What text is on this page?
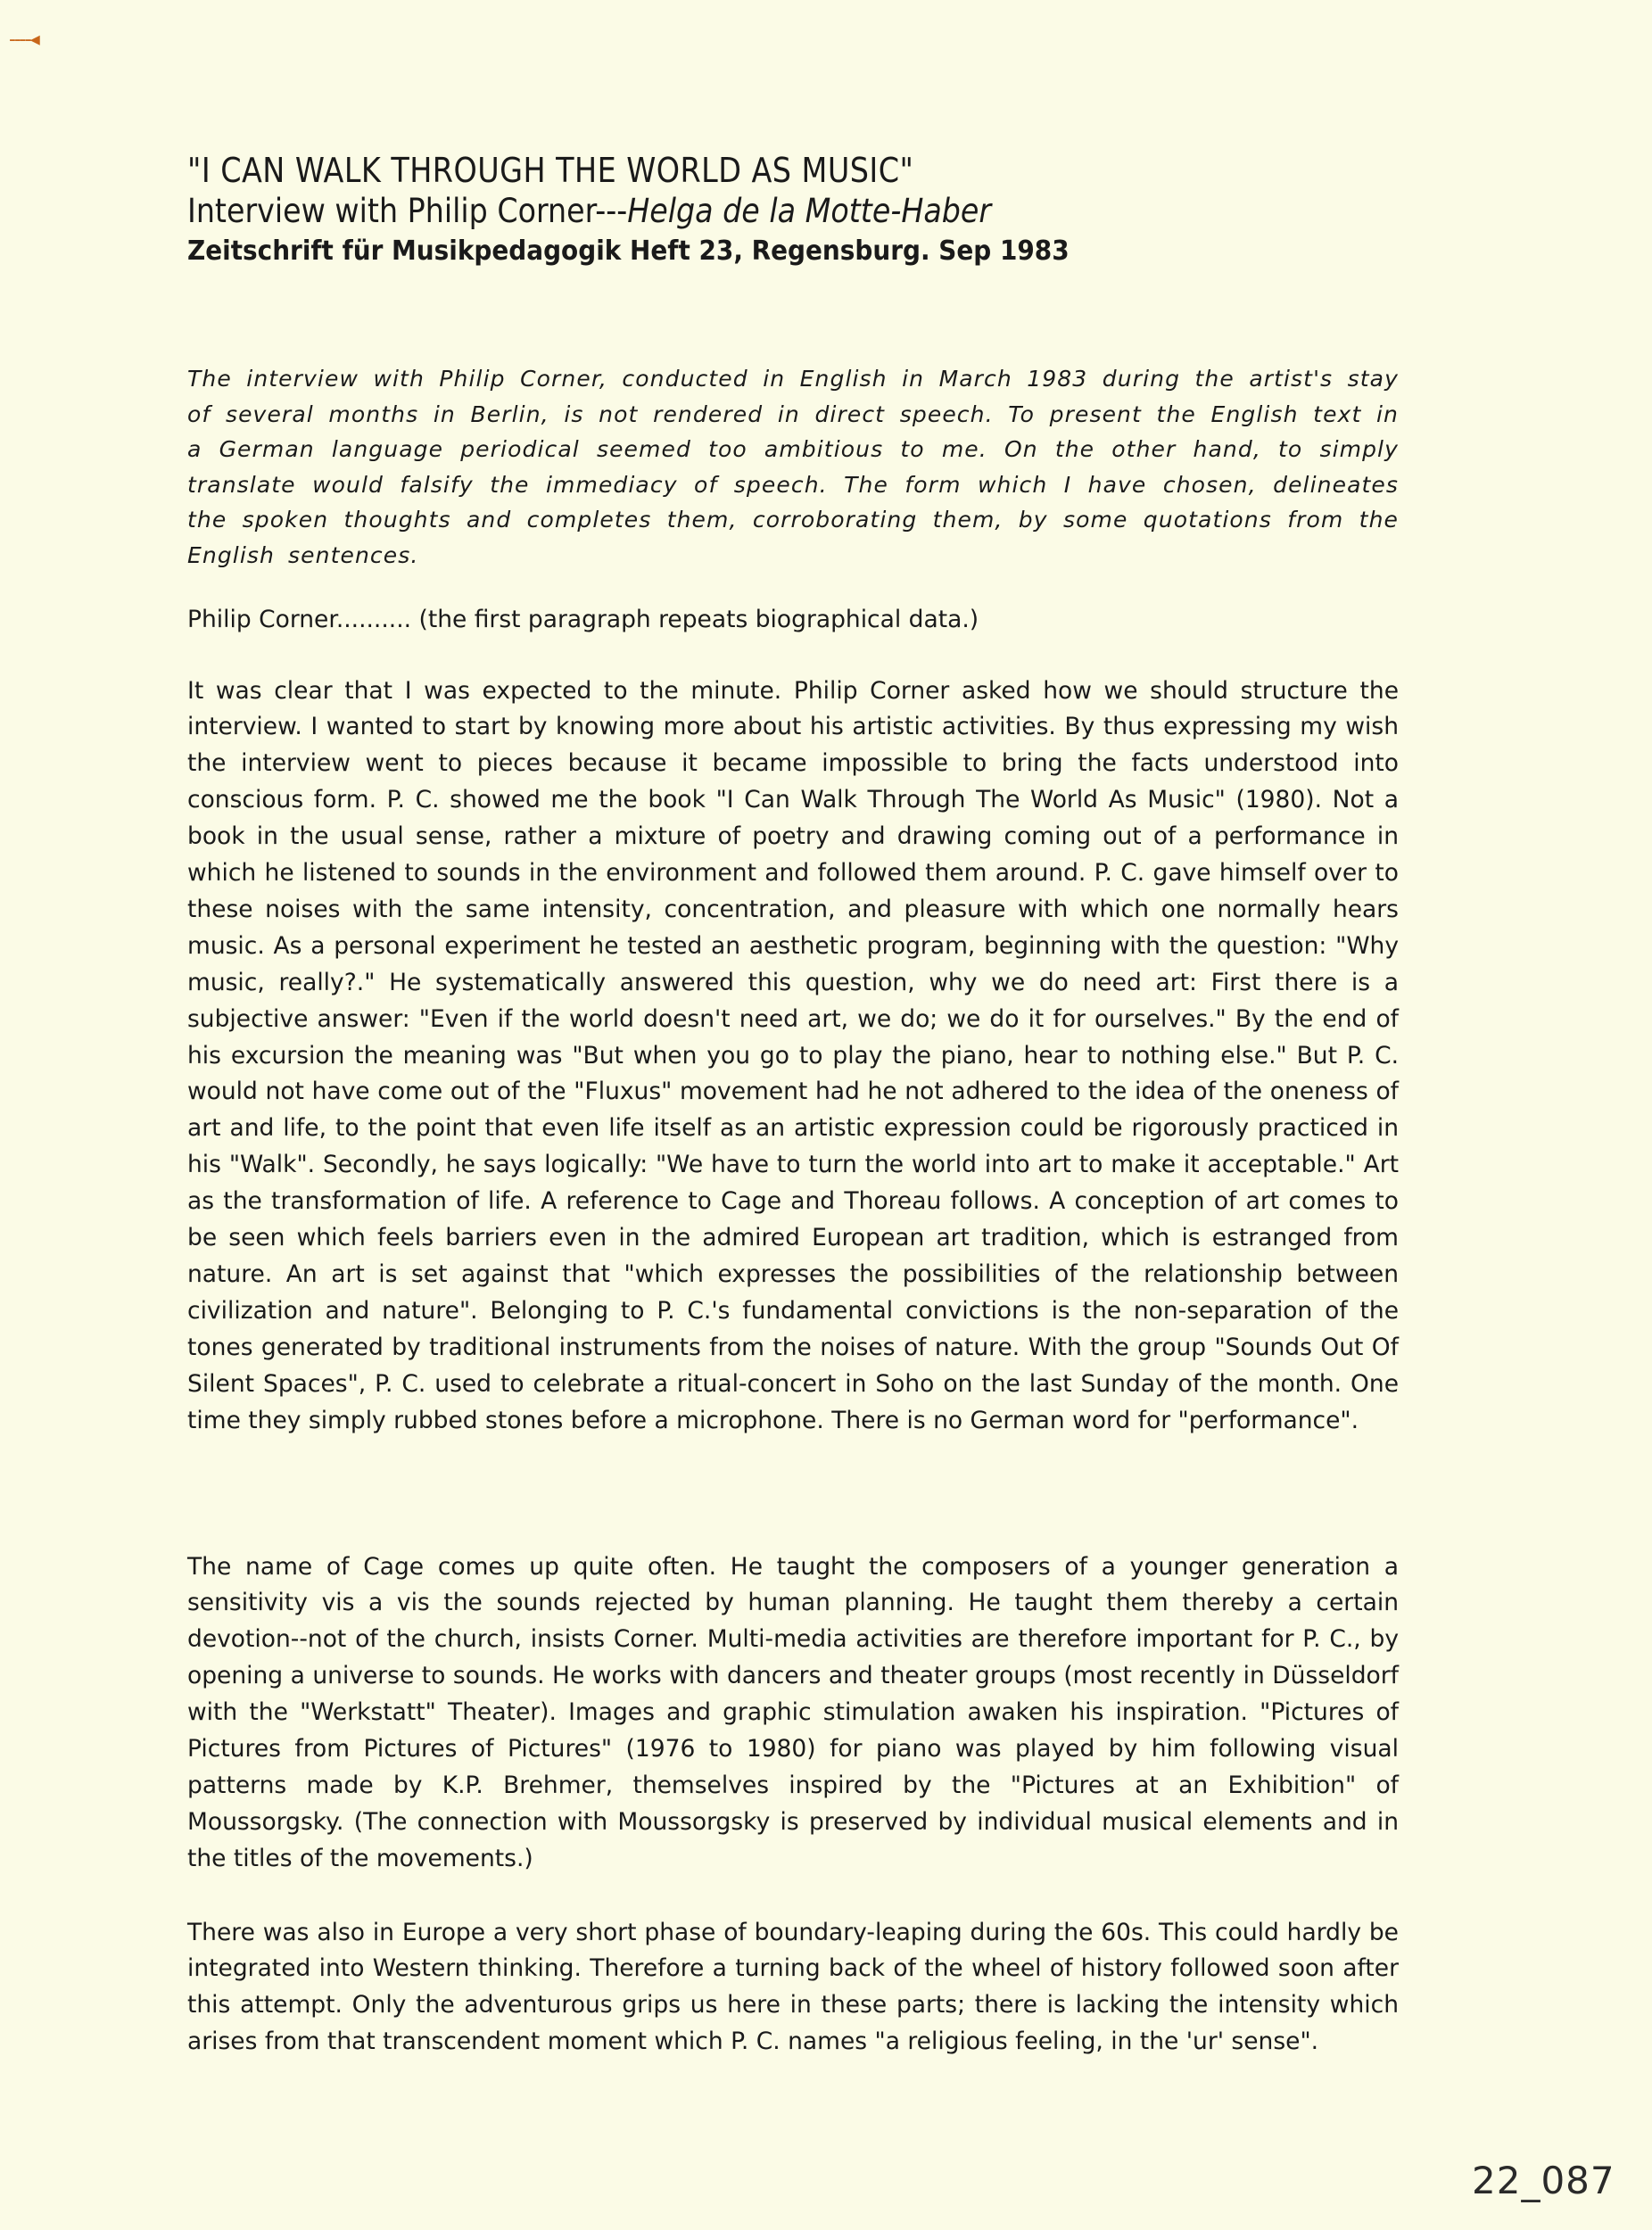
----◂
"I CAN WALK THROUGH THE WORLD AS MUSIC"

Interview with Philip Corner---Helga de la Motte-Haber

Zeitschrift für Musikpedagogik Heft 23, Regensburg. Sep 1983

The interview with Philip Corner, conducted in English in March 1983 during the artist's stay of several months in Berlin, is not rendered in direct speech. To present the English text in a German language periodical seemed too ambitious to me. On the other hand, to simply translate would falsify the immediacy of speech. The form which I have chosen, delineates the spoken thoughts and completes them, corroborating them, by some quotations from the English sentences.

Philip Corner.......... (the first paragraph repeats biographical data.)

It was clear that I was expected to the minute. Philip Corner asked how we should structure the interview. I wanted to start by knowing more about his artistic activities. By thus expressing my wish the interview went to pieces because it became impossible to bring the facts understood into conscious form. P. C. showed me the book "I Can Walk Through The World As Music" (1980). Not a book in the usual sense, rather a mixture of poetry and drawing coming out of a performance in which he listened to sounds in the environment and followed them around. P. C. gave himself over to these noises with the same intensity, concentration, and pleasure with which one normally hears music. As a personal experiment he tested an aesthetic program, beginning with the question: "Why music, really?." He systematically answered this question, why we do need art: First there is a subjective answer: "Even if the world doesn't need art, we do; we do it for ourselves." By the end of his excursion the meaning was "But when you go to play the piano, hear to nothing else." But P. C. would not have come out of the "Fluxus" movement had he not adhered to the idea of the oneness of art and life, to the point that even life itself as an artistic expression could be rigorously practiced in his "Walk". Secondly, he says logically: "We have to turn the world into art to make it acceptable." Art as the transformation of life. A reference to Cage and Thoreau follows. A conception of art comes to be seen which feels barriers even in the admired European art tradition, which is estranged from nature. An art is set against that "which expresses the possibilities of the relationship between civilization and nature". Belonging to P. C.'s fundamental convictions is the non-separation of the tones generated by traditional instruments from the noises of nature. With the group "Sounds Out Of Silent Spaces", P. C. used to celebrate a ritual-concert in Soho on the last Sunday of the month. One time they simply rubbed stones before a microphone. There is no German word for "performance".

The name of Cage comes up quite often. He taught the composers of a younger generation a sensitivity vis a vis the sounds rejected by human planning. He taught them thereby a certain devotion--not of the church, insists Corner. Multi-media activities are therefore important for P. C., by opening a universe to sounds. He works with dancers and theater groups (most recently in Düsseldorf with the "Werkstatt" Theater). Images and graphic stimulation awaken his inspiration. "Pictures of Pictures from Pictures of Pictures" (1976 to 1980) for piano was played by him following visual patterns made by K.P. Brehmer, themselves inspired by the "Pictures at an Exhibition" of Moussorgsky. (The connection with Moussorgsky is preserved by individual musical elements and in the titles of the movements.)

There was also in Europe a very short phase of boundary-leaping during the 60s. This could hardly be integrated into Western thinking. Therefore a turning back of the wheel of history followed soon after this attempt. Only the adventurous grips us here in these parts; there is lacking the intensity which arises from that transcendent moment which P. C. names "a religious feeling, in the 'ur' sense".

22_087
